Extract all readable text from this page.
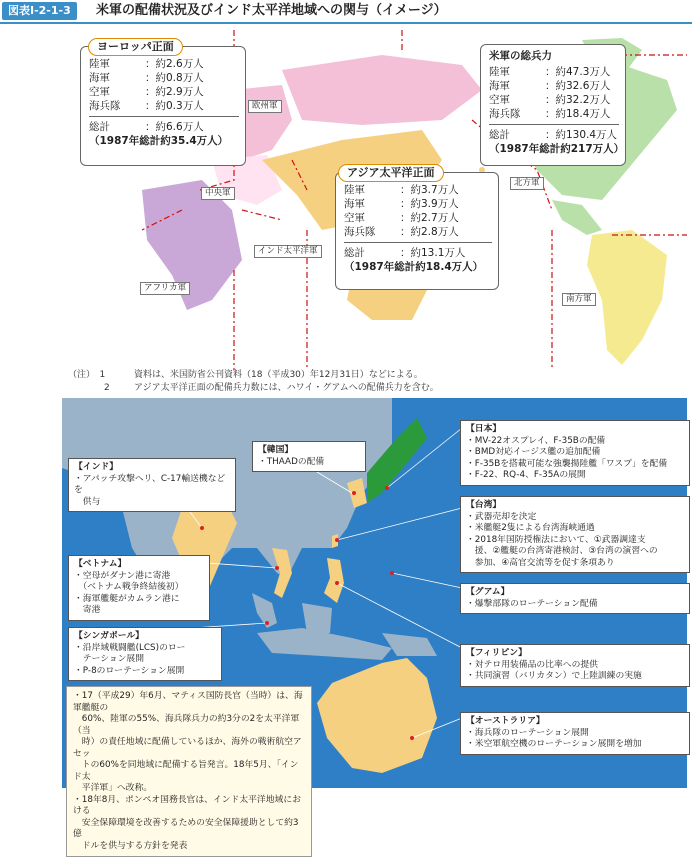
図表Ⅰ-2-1-3	米軍の配備状況及びインド太平洋地域への関与（イメージ）
欧州軍
中央軍
アフリカ軍
インド太平洋軍
北方軍
南方軍
陸軍	：約2.6万人
海軍	：約0.8万人
空軍	：約2.9万人
海兵隊	：約0.3万人
総計	：約6.6万人
（1987年総計約35.4万人）
ヨーロッパ正面
米軍の総兵力
陸軍	：約47.3万人
海軍	：約32.6万人
空軍	：約32.2万人
海兵隊	：約18.4万人
総計	：約130.4万人
（1987年総計約217万人）
陸軍	：約3.7万人
海軍	：約3.9万人
空軍	：約2.7万人
海兵隊	：約2.8万人
総計	：約13.1万人
（1987年総計約18.4万人）
アジア太平洋正面
（注）　1	資料は、米国防省公刊資料（18（平成30）年12月31日）などによる。
　　　　2	アジア太平洋正面の配備兵力数には、ハワイ・グアムへの配備兵力を含む。
【インド】
・アパッチ攻撃ヘリ、C-17輸送機などを
　供与
【韓国】
・THAADの配備
【日本】
・MV-22オスプレイ、F-35Bの配備
・BMD対応イージス艦の追加配備
・F-35Bを搭載可能な強襲揚陸艦「ワスプ」を配備
・F-22、RQ-4、F-35Aの展開
【台湾】
・武器売却を決定
・米艦艇2隻による台湾海峡通過
・2018年国防授権法において、①武器調達支
　援、②艦艇の台湾寄港検討、③台湾の演習への
　参加、④高官交流等を促す条項あり
【ベトナム】
・空母がダナン港に寄港
　（ベトナム戦争終結後初）
・海軍艦艇がカムラン港に
　寄港
【グアム】
・爆撃部隊のローテーション配備
【シンガポール】
・沿岸域戦闘艦(LCS)のロー
　テーション展開
・P-8のローテーション展開
【フィリピン】
・対テロ用装備品の比率への提供
・共同演習（バリカタン）で上陸訓練の実施
【オーストラリア】
・海兵隊のローテーション展開
・米空軍航空機のローテーション展開を増加
・17（平成29）年6月、マティス国防長官（当時）は、海軍艦艇の
　60%、陸軍の55%、海兵隊兵力の約3分の2を太平洋軍（当
　時）の責任地域に配備しているほか、海外の戦術航空アセッ
　トの60%を同地域に配備する旨発言。18年5月、「インド太
　平洋軍」へ改称。
・18年8月、ポンペオ国務長官は、インド太平洋地域における
　安全保障環境を改善するための安全保障援助として約3億
　ドルを供与する方針を発表
